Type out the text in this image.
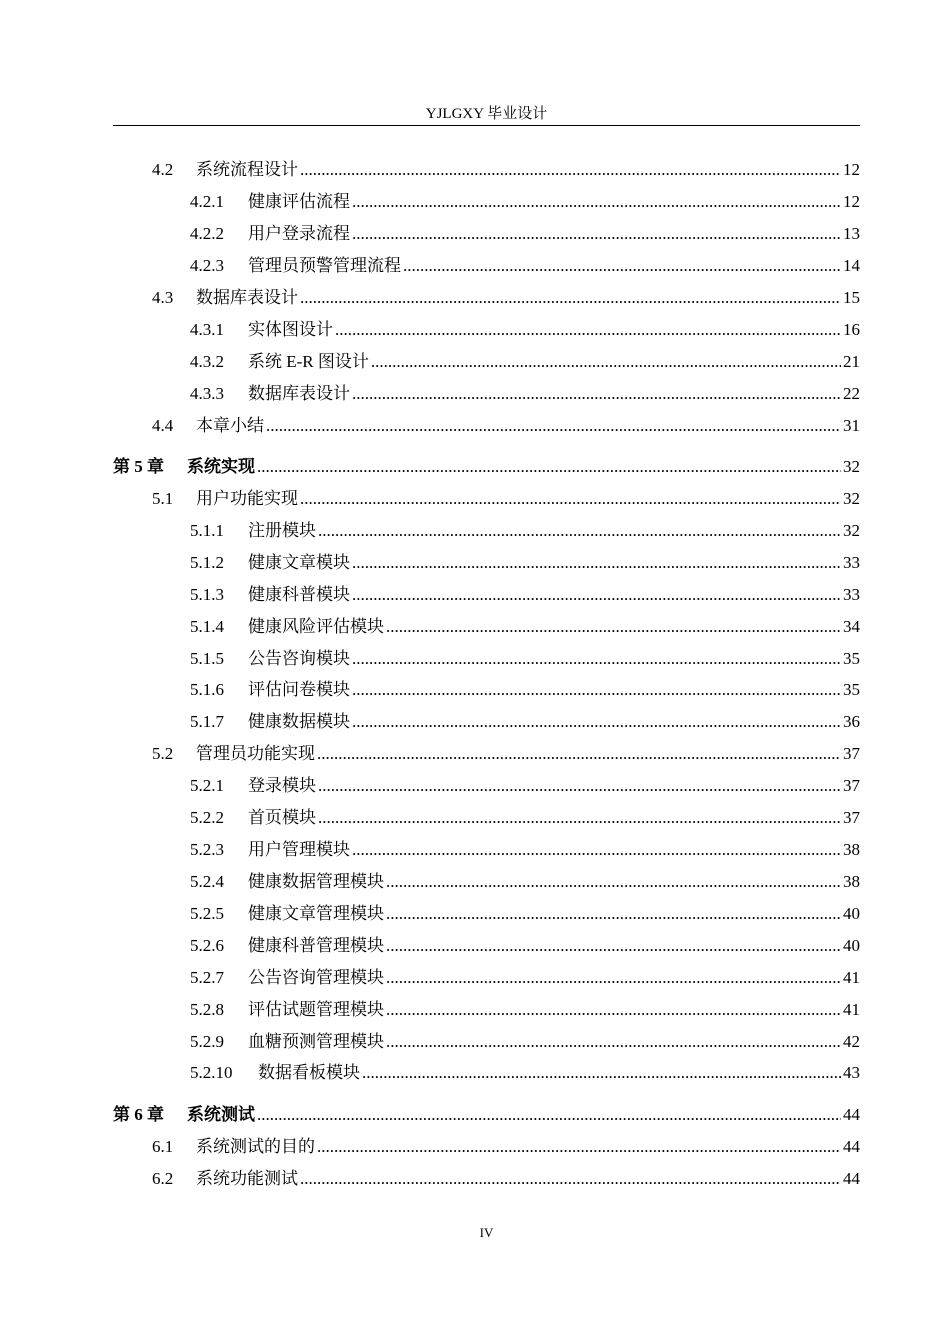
YJLGXY 毕业设计
4.2	系统流程设计 .....	12
4.2.1	健康评估流程 .....	12
4.2.2	用户登录流程 .....	13
4.2.3	管理员预警管理流程 .....	14
4.3	数据库表设计 .....	15
4.3.1	实体图设计 .....	16
4.3.2	系统 E-R 图设计 .....	21
4.3.3	数据库表设计 .....	22
4.4	本章小结 .....	31
第 5 章	系统实现 .....	32
5.1	用户功能实现 .....	32
5.1.1	注册模块 .....	32
5.1.2	健康文章模块 .....	33
5.1.3	健康科普模块 .....	33
5.1.4	健康风险评估模块 .....	34
5.1.5	公告咨询模块 .....	35
5.1.6	评估问卷模块 .....	35
5.1.7	健康数据模块 .....	36
5.2	管理员功能实现 .....	37
5.2.1	登录模块 .....	37
5.2.2	首页模块 .....	37
5.2.3	用户管理模块 .....	38
5.2.4	健康数据管理模块 .....	38
5.2.5	健康文章管理模块 .....	40
5.2.6	健康科普管理模块 .....	40
5.2.7	公告咨询管理模块 .....	41
5.2.8	评估试题管理模块 .....	41
5.2.9	血糖预测管理模块 .....	42
5.2.10	数据看板模块 .....	43
第 6 章	系统测试 .....	44
6.1	系统测试的目的 .....	44
6.2	系统功能测试 .....	44
IV
